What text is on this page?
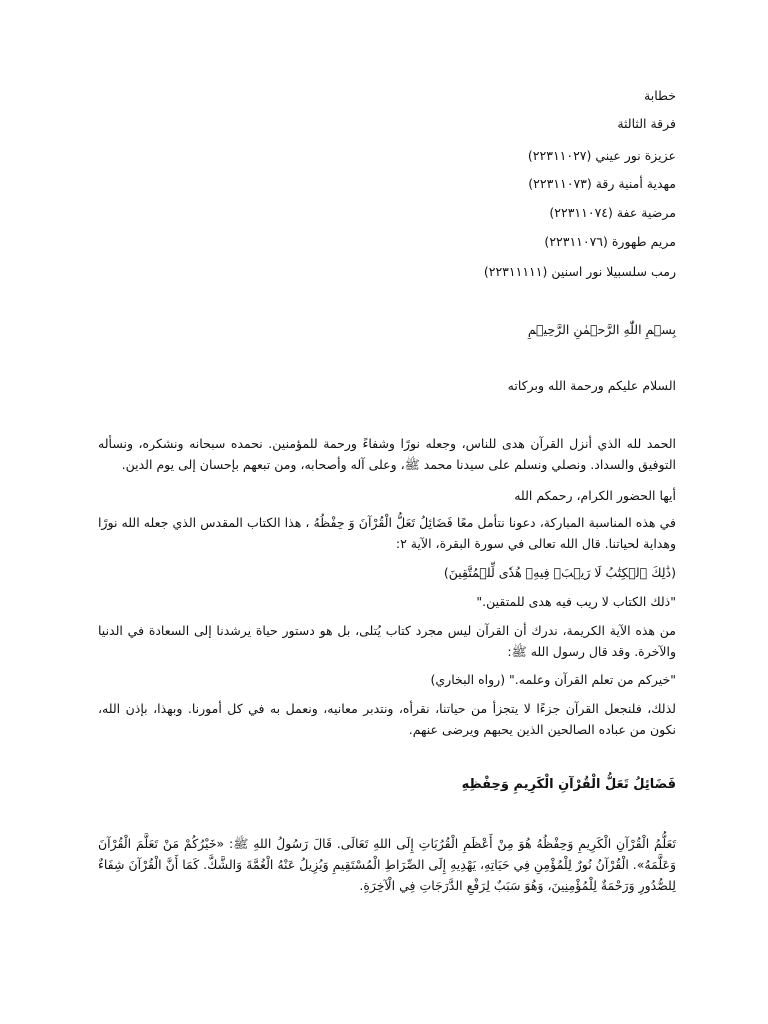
خطابة
فرقة الثالثة
عزيزة نور عيني (٢٢٣١١٠٢٧)
مهدية أمنية رقة (٢٢٣١١٠٧٣)
مرضية عفة (٢٢٣١١٠٧٤)
مريم طهورة (٢٢٣١١٠٧٦)
رمب سلسبيلا نور اسنين (٢٢٣١١١١١)
بِسۡمِ اللّٰهِ الرَّحۡمٰنِ الرَّحِيۡمِ
السلام عليكم ورحمة الله وبركاته
الحمد لله الذي أنزل القرآن هدى للناس، وجعله نورًا وشفاءً ورحمة للمؤمنين. نحمده سبحانه ونشكره، ونسأله التوفيق والسداد. ونصلي ونسلم على سيدنا محمد ﷺ، وعلى آله وأصحابه، ومن تبعهم بإحسان إلى يوم الدين.
أيها الحضور الكرام، رحمكم الله
في هذه المناسبة المباركة، دعونا نتأمل معًا فَضَائِلُ تَعَلُّ الْقُرْآنَ وَ حِفْظُهُ ، هذا الكتاب المقدس الذي جعله الله نورًا وهداية لحياتنا. قال الله تعالى في سورة البقرة، الآية ٢:
(ذَٰلِكَ ٱلۡكِتَٰبُ لَا رَيۡبَۛ فِيهِۛ هُدٗى لِّلۡمُتَّقِينَ)
"ذلك الكتاب لا ريب فيه هدى للمتقين."
من هذه الآية الكريمة، ندرك أن القرآن ليس مجرد كتاب يُتلى، بل هو دستور حياة يرشدنا إلى السعادة في الدنيا والآخرة. وقد قال رسول الله ﷺ:
"خيركم من تعلم القرآن وعلمه." (رواه البخاري)
لذلك، فلنجعل القرآن جزءًا لا يتجزأ من حياتنا، نقرأه، ونتدبر معانيه، ونعمل به في كل أمورنا. وبهذا، بإذن الله، نكون من عباده الصالحين الذين يحبهم ويرضى عنهم.
فَضَائِلُ تَعَلُّ الْقُرْآنِ الْكَرِيمِ وَحِفْظِهِ
تَعَلُّمُ الْقُرْآنِ الْكَرِيمِ وَحِفْظُهُ هُوَ مِنْ أَعْظَمِ الْقُرُبَاتِ إِلَى اللهِ تَعَالَى. قَالَ رَسُولُ اللهِ ﷺ: «خَيْرُكُمْ مَنْ تَعَلَّمَ الْقُرْآنَ وَعَلَّمَهُ». الْقُرْآنُ نُورٌ لِلْمُؤْمِنِ فِي حَيَاتِهِ، يَهْدِيهِ إِلَى الصِّرَاطِ الْمُسْتَقِيمِ وَيُزِيلُ عَنْهُ الْغُمَّةَ وَالشَّكَّ. كَمَا أَنَّ الْقُرْآنَ شِفَاءٌ لِلصُّدُورِ وَرَحْمَةٌ لِلْمُؤْمِنِينَ، وَهُوَ سَبَبٌ لِرَفْعِ الدَّرَجَاتِ فِي الْآخِرَةِ.
